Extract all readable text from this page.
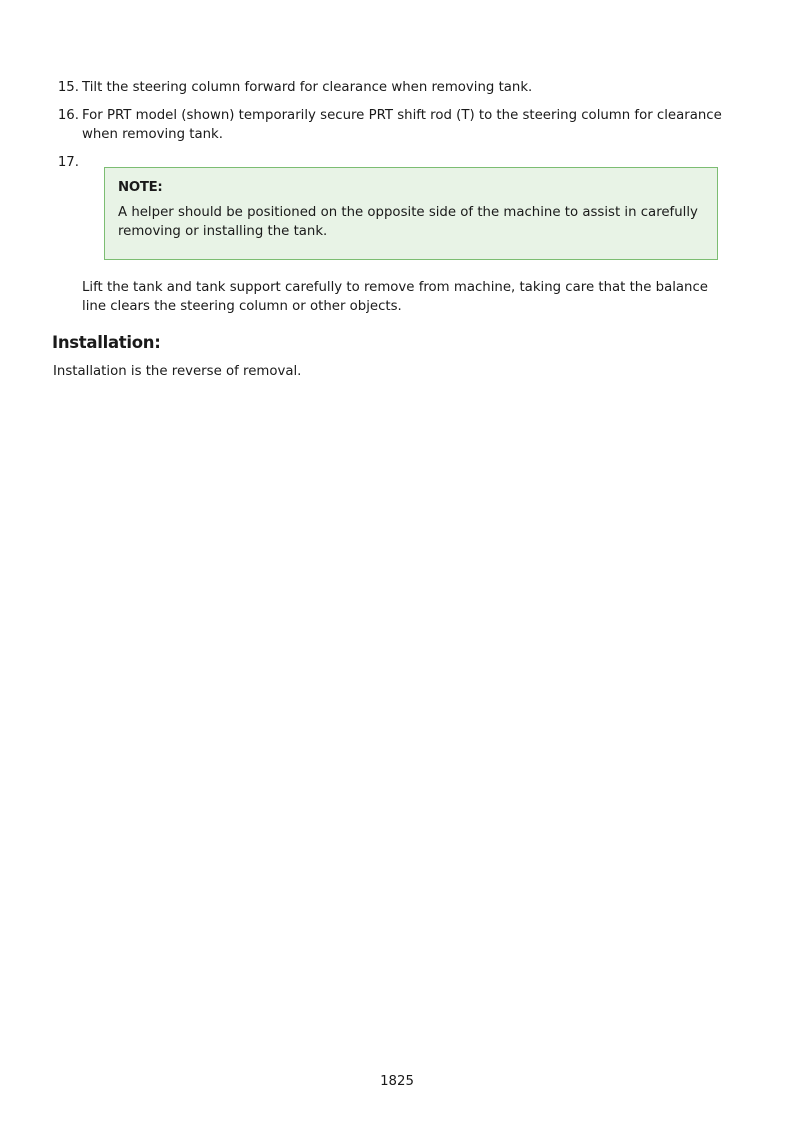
15. Tilt the steering column forward for clearance when removing tank.
16. For PRT model (shown) temporarily secure PRT shift rod (T) to the steering column for clearance when removing tank.
17.
NOTE:
A helper should be positioned on the opposite side of the machine to assist in carefully removing or installing the tank.
Lift the tank and tank support carefully to remove from machine, taking care that the balance line clears the steering column or other objects.
Installation:
Installation is the reverse of removal.
1825
